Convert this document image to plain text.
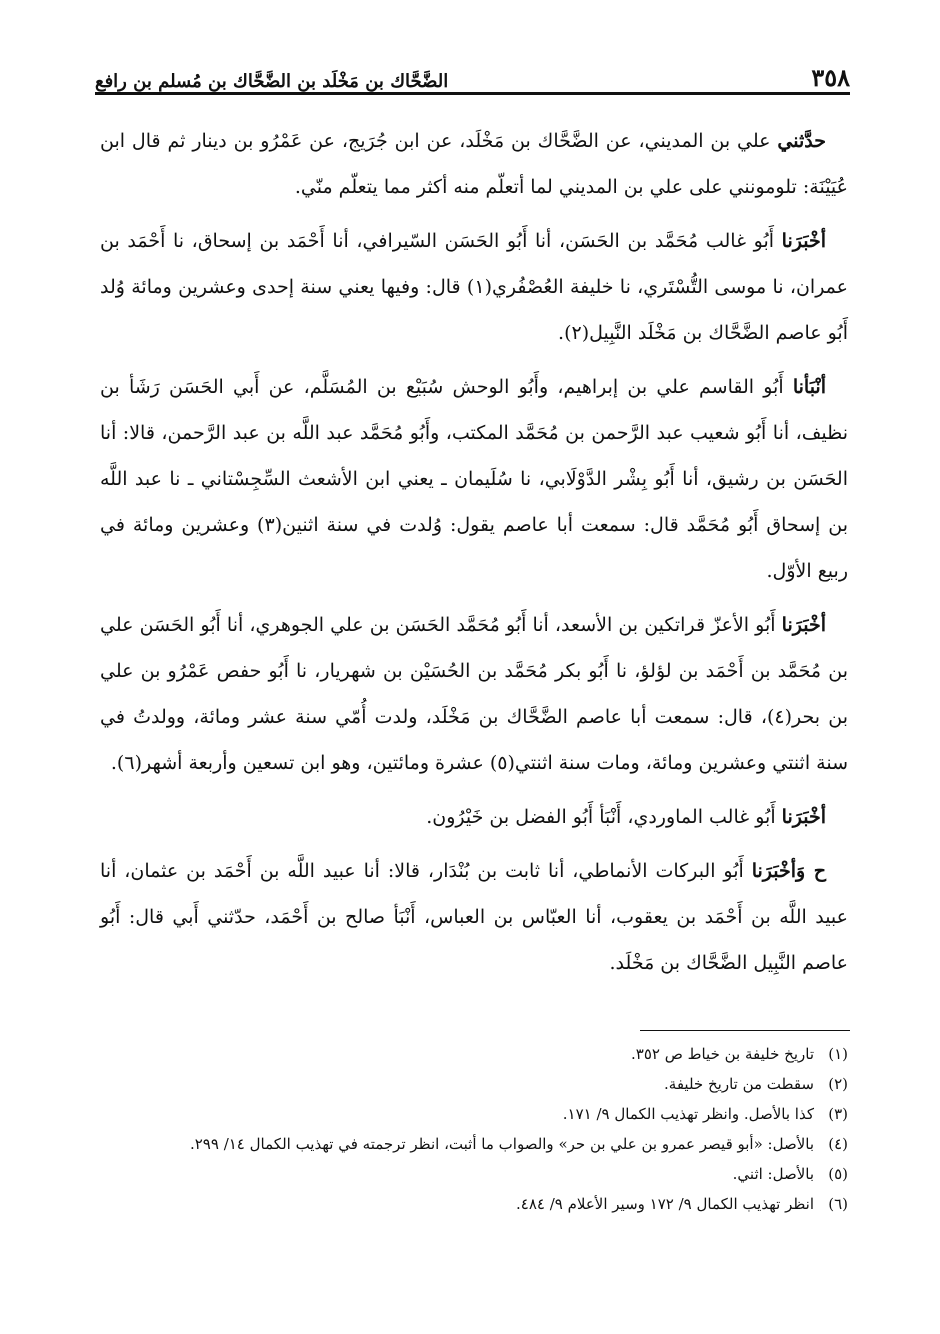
٣٥٨
الضَّحَّاك بن مَخْلَد بن الضَّحَّاك بن مُسلم بن رافع

حدَّثني علي بن المديني، عن الضَّحَّاك بن مَخْلَد، عن ابن جُرَيج، عن عَمْرُو بن دينار ثم قال ابن عُيَيْنَة: تلومونني على علي بن المديني لما أتعلّم منه أكثر مما يتعلّم منّي.

أخْبَرَنا أَبُو غالب مُحَمَّد بن الحَسَن، أنا أَبُو الحَسَن السّيرافي، أنا أَحْمَد بن إسحاق، نا أَحْمَد بن عمران، نا موسى التُّسْتَري، نا خليفة العُصْفُري(١) قال: وفيها يعني سنة إحدى وعشرين ومائة وُلد أَبُو عاصم الضَّحَّاك بن مَخْلَد النَّبِيل(٢).

أنْبَأنا أَبُو القاسم علي بن إبراهيم، وأَبُو الوحش سُبَيْع بن المُسَلَّم، عن أَبي الحَسَن رَشَأ بن نظيف، أنا أَبُو شعيب عبد الرَّحمن بن مُحَمَّد المكتب، وأَبُو مُحَمَّد عبد اللَّه بن عبد الرَّحمن، قالا: أنا الحَسَن بن رشيق، أنا أَبُو بِشْر الدَّوْلَابي، نا سُلَيمان ـ يعني ابن الأشعث السِّجِسْتاني ـ نا عبد اللَّه بن إسحاق أَبُو مُحَمَّد قال: سمعت أبا عاصم يقول: وُلدت في سنة اثنين(٣) وعشرين ومائة في ربيع الأوّل.

أخْبَرَنا أَبُو الأعزّ قراتكين بن الأسعد، أنا أَبُو مُحَمَّد الحَسَن بن علي الجوهري، أنا أَبُو الحَسَن علي بن مُحَمَّد بن أَحْمَد بن لؤلؤ، نا أَبُو بكر مُحَمَّد بن الحُسَيْن بن شهريار، نا أَبُو حفص عَمْرُو بن علي بن بحر(٤)، قال: سمعت أبا عاصم الضَّحَّاك بن مَخْلَد، ولدت أُمّي سنة عشر ومائة، وولدتُ في سنة اثنتي وعشرين ومائة، ومات سنة اثنتي(٥) عشرة ومائتين، وهو ابن تسعين وأربعة أشهر(٦).

أخْبَرَنا أَبُو غالب الماوردي، أَنْبَأ أَبُو الفضل بن خَيْرُون.

ح وَأخْبَرَنا أَبُو البركات الأنماطي، أنا ثابت بن بُنْدَار، قالا: أنا عبيد اللَّه بن أَحْمَد بن عثمان، أنا عبيد اللَّه بن أَحْمَد بن يعقوب، أنا العبّاس بن العباس، أَنْبَأ صالح بن أَحْمَد، حدّثني أَبي قال: أَبُو عاصم النَّبِيل الضَّحَّاك بن مَخْلَد.

(١)
تاريخ خليفة بن خياط ص ٣٥٢.
(٢)
سقطت من تاريخ خليفة.
(٣)
كذا بالأصل. وانظر تهذيب الكمال ٩/ ١٧١.
(٤)
بالأصل: «أبو قيصر عمرو بن علي بن حر» والصواب ما أثبت، انظر ترجمته في تهذيب الكمال ١٤/ ٢٩٩.
(٥)
بالأصل: اثني.
(٦)
انظر تهذيب الكمال ٩/ ١٧٢ وسير الأعلام ٩/ ٤٨٤.
